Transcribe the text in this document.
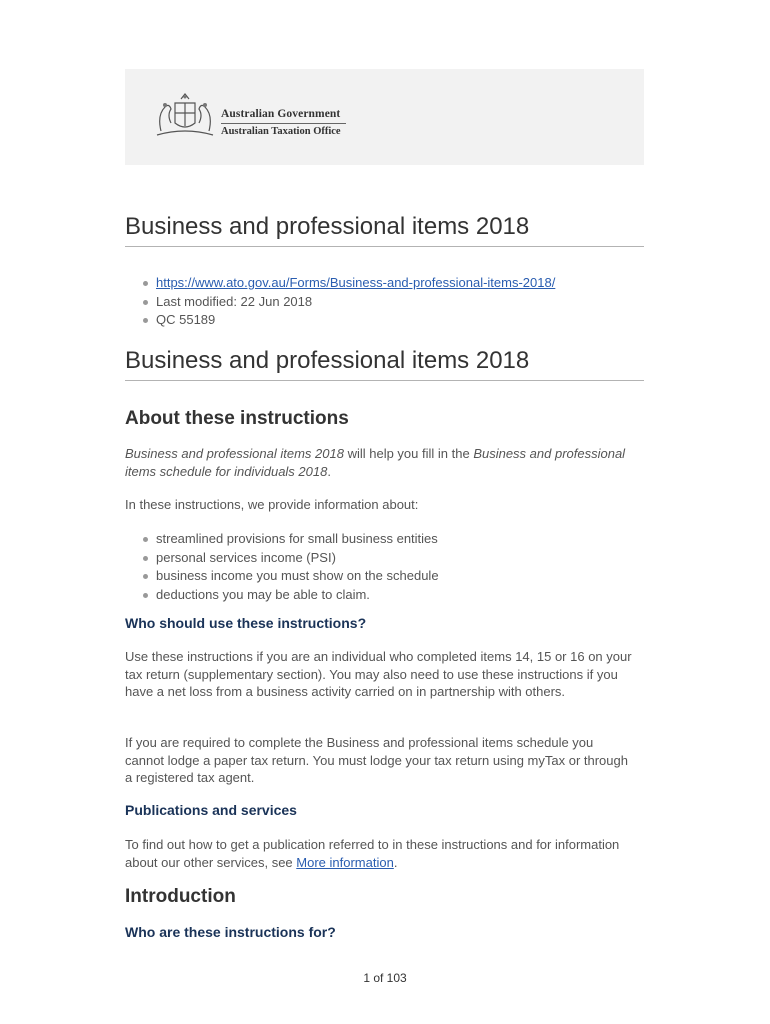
Australian Government
Australian Taxation Office
Business and professional items 2018
https://www.ato.gov.au/Forms/Business-and-professional-items-2018/
Last modified: 22 Jun 2018
QC 55189
Business and professional items 2018
About these instructions

Business and professional items 2018 will help you fill in the Business and professional items schedule for individuals 2018.

In these instructions, we provide information about:

streamlined provisions for small business entities
personal services income (PSI)
business income you must show on the schedule
deductions you may be able to claim.
Who should use these instructions?

Use these instructions if you are an individual who completed items 14, 15 or 16 on your tax return (supplementary section). You may also need to use these instructions if you have a net loss from a business activity carried on in partnership with others.

If you are required to complete the Business and professional items schedule you cannot lodge a paper tax return. You must lodge your tax return using myTax or through a registered tax agent.

Publications and services

To find out how to get a publication referred to in these instructions and for information about our other services, see More information.

Introduction
Who are these instructions for?
1 of 103
